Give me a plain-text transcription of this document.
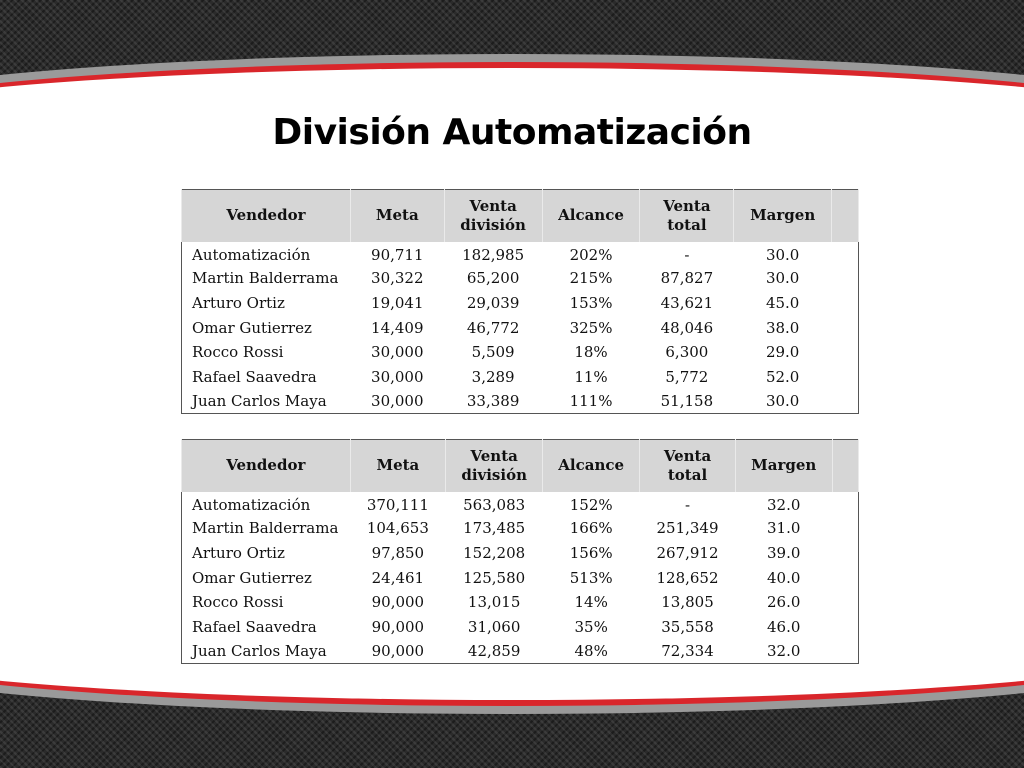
División Automatización
Vendedor	Meta	Venta división	Alcance	Venta total	Margen	
Automatización	90,711	182,985	202%	-	30.0	
Martin Balderrama	30,322	65,200	215%	87,827	30.0	
Arturo Ortiz	19,041	29,039	153%	43,621	45.0	
Omar Gutierrez	14,409	46,772	325%	48,046	38.0	
Rocco Rossi	30,000	5,509	18%	6,300	29.0	
Rafael Saavedra	30,000	3,289	11%	5,772	52.0	
Juan Carlos Maya	30,000	33,389	111%	51,158	30.0	
Vendedor	Meta	Venta división	Alcance	Venta total	Margen	
Automatización	370,111	563,083	152%	-	32.0	
Martin Balderrama	104,653	173,485	166%	251,349	31.0	
Arturo Ortiz	97,850	152,208	156%	267,912	39.0	
Omar Gutierrez	24,461	125,580	513%	128,652	40.0	
Rocco Rossi	90,000	13,015	14%	13,805	26.0	
Rafael Saavedra	90,000	31,060	35%	35,558	46.0	
Juan Carlos Maya	90,000	42,859	48%	72,334	32.0	
